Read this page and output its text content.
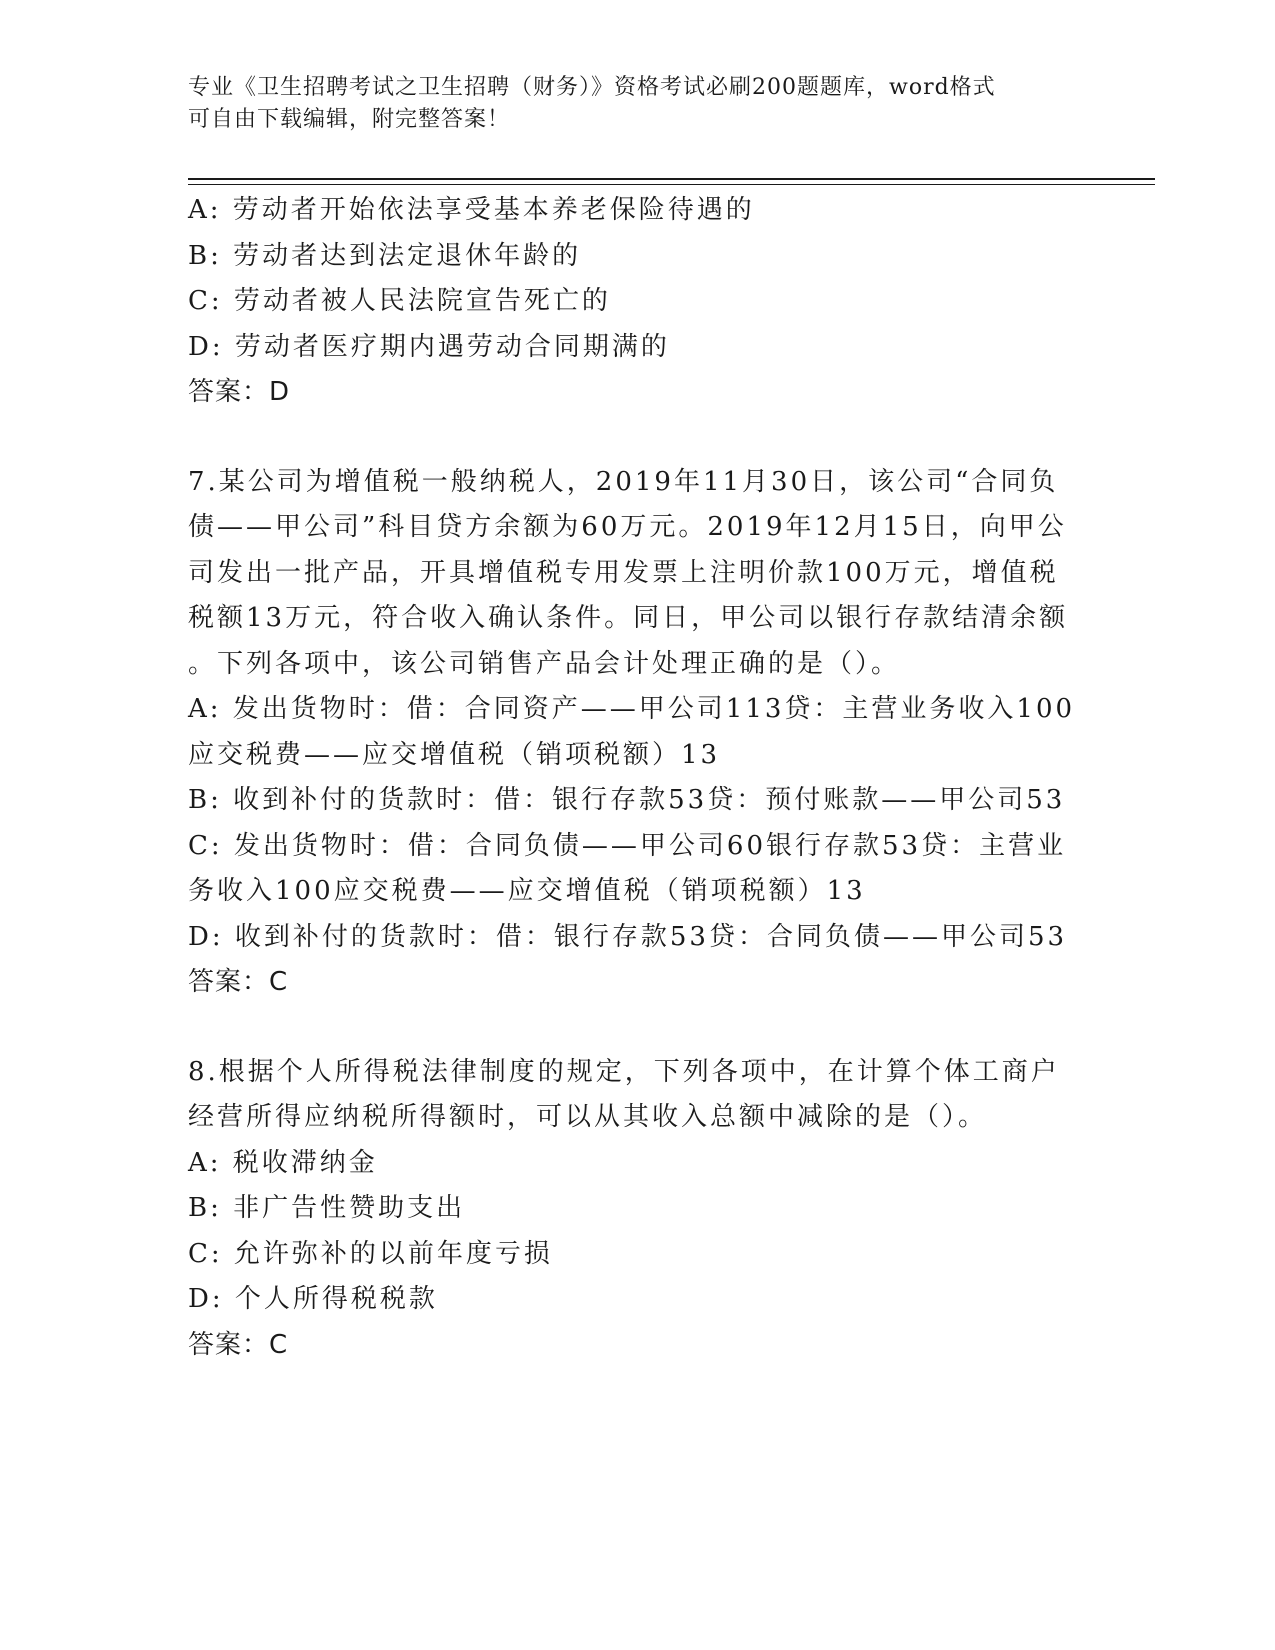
专业《卫生招聘考试之卫生招聘（财务）》资格考试必刷200题题库，word格式
可自由下载编辑，附完整答案！
A: 劳动者开始依法享受基本养老保险待遇的
B: 劳动者达到法定退休年龄的
C: 劳动者被人民法院宣告死亡的
D: 劳动者医疗期内遇劳动合同期满的
答案：D
7.某公司为增值税一般纳税人，2019年11月30日，该公司“合同负
债——甲公司”科目贷方余额为60万元。2019年12月15日，向甲公
司发出一批产品，开具增值税专用发票上注明价款100万元，增值税
税额13万元，符合收入确认条件。同日，甲公司以银行存款结清余额
。下列各项中，该公司销售产品会计处理正确的是（）。
A: 发出货物时：借：合同资产——甲公司113贷：主营业务收入100
应交税费——应交增值税（销项税额）13
B: 收到补付的货款时：借：银行存款53贷：预付账款——甲公司53
C: 发出货物时：借：合同负债——甲公司60银行存款53贷：主营业
务收入100应交税费——应交增值税（销项税额）13
D: 收到补付的货款时：借：银行存款53贷：合同负债——甲公司53
答案：C
8.根据个人所得税法律制度的规定，下列各项中，在计算个体工商户
经营所得应纳税所得额时，可以从其收入总额中减除的是（）。
A: 税收滞纳金
B: 非广告性赞助支出
C: 允许弥补的以前年度亏损
D: 个人所得税税款
答案：C
